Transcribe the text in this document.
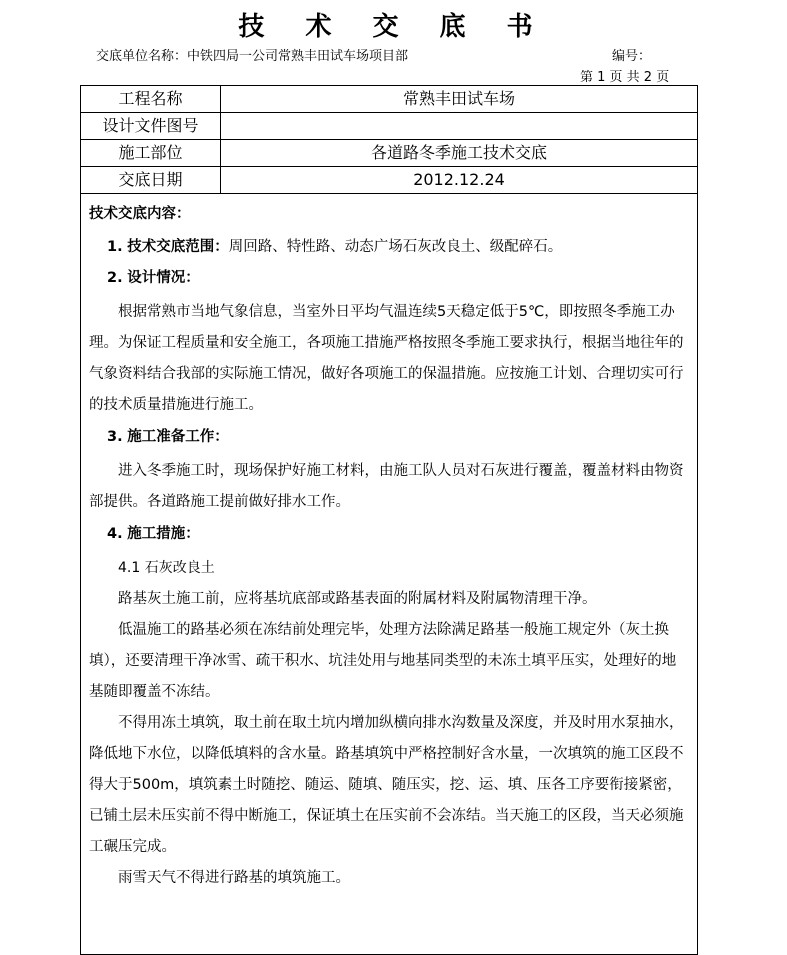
技 术 交 底 书
交底单位名称：中铁四局一公司常熟丰田试车场项目部	编号：
第 1 页 共 2 页
工程名称	常熟丰田试车场
设计文件图号
施工部位	各道路冬季施工技术交底
交底日期	2012.12.24
技术交底内容：
1. 技术交底范围：周回路、特性路、动态广场石灰改良土、级配碎石。
2. 设计情况：

根据常熟市当地气象信息，当室外日平均气温连续5天稳定低于5℃，即按照冬季施工办理。为保证工程质量和安全施工，各项施工措施严格按照冬季施工要求执行，根据当地往年的气象资料结合我部的实际施工情况，做好各项施工的保温措施。应按施工计划、合理切实可行的技术质量措施进行施工。

3. 施工准备工作：

进入冬季施工时，现场保护好施工材料，由施工队人员对石灰进行覆盖，覆盖材料由物资部提供。各道路施工提前做好排水工作。

4. 施工措施：

4.1 石灰改良土

路基灰土施工前，应将基坑底部或路基表面的附属材料及附属物清理干净。

低温施工的路基必须在冻结前处理完毕，处理方法除满足路基一般施工规定外（灰土换填），还要清理干净冰雪、疏干积水、坑洼处用与地基同类型的未冻土填平压实，处理好的地基随即覆盖不冻结。

不得用冻土填筑，取土前在取土坑内增加纵横向排水沟数量及深度，并及时用水泵抽水，降低地下水位，以降低填料的含水量。路基填筑中严格控制好含水量，一次填筑的施工区段不得大于500m，填筑素土时随挖、随运、随填、随压实，挖、运、填、压各工序要衔接紧密，已铺土层未压实前不得中断施工，保证填土在压实前不会冻结。当天施工的区段，当天必须施工碾压完成。

雨雪天气不得进行路基的填筑施工。
